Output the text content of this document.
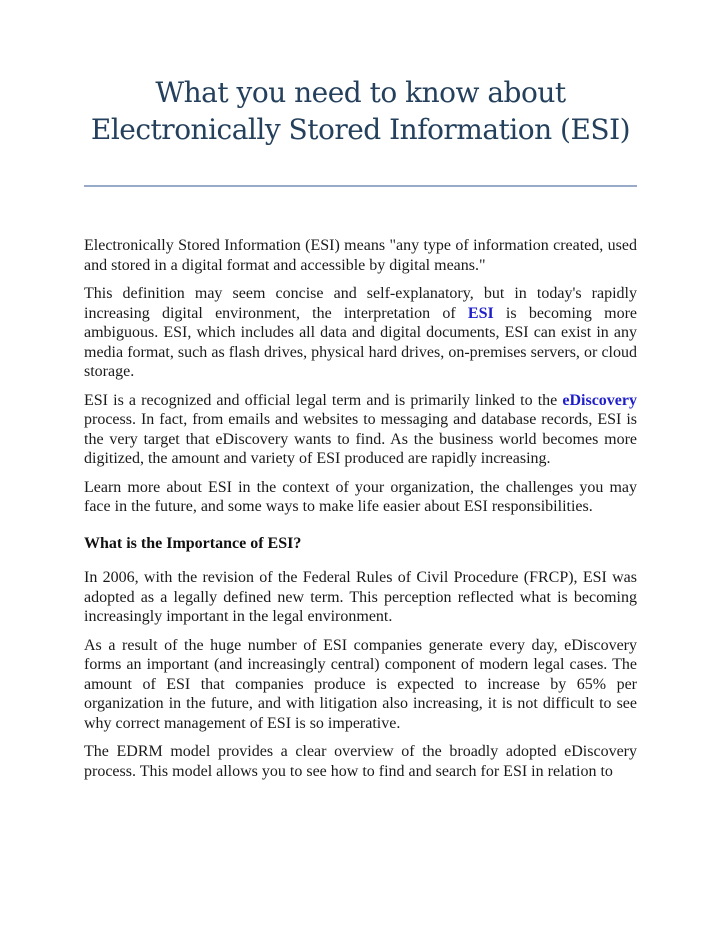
What you need to know about
Electronically Stored Information (ESI)

Electronically Stored Information (ESI) means "any type of information created, used and stored in a digital format and accessible by digital means."

This definition may seem concise and self-explanatory, but in today's rapidly increasing digital environment, the interpretation of ESI is becoming more ambiguous. ESI, which includes all data and digital documents, ESI can exist in any media format, such as flash drives, physical hard drives, on-premises servers, or cloud storage.

ESI is a recognized and official legal term and is primarily linked to the eDiscovery process. In fact, from emails and websites to messaging and database records, ESI is the very target that eDiscovery wants to find. As the business world becomes more digitized, the amount and variety of ESI produced are rapidly increasing.

Learn more about ESI in the context of your organization, the challenges you may face in the future, and some ways to make life easier about ESI responsibilities.

What is the Importance of ESI?

In 2006, with the revision of the Federal Rules of Civil Procedure (FRCP), ESI was adopted as a legally defined new term. This perception reflected what is becoming increasingly important in the legal environment.

As a result of the huge number of ESI companies generate every day, eDiscovery forms an important (and increasingly central) component of modern legal cases. The amount of ESI that companies produce is expected to increase by 65% per organization in the future, and with litigation also increasing, it is not difficult to see why correct management of ESI is so imperative.

The EDRM model provides a clear overview of the broadly adopted eDiscovery process. This model allows you to see how to find and search for ESI in relation to
